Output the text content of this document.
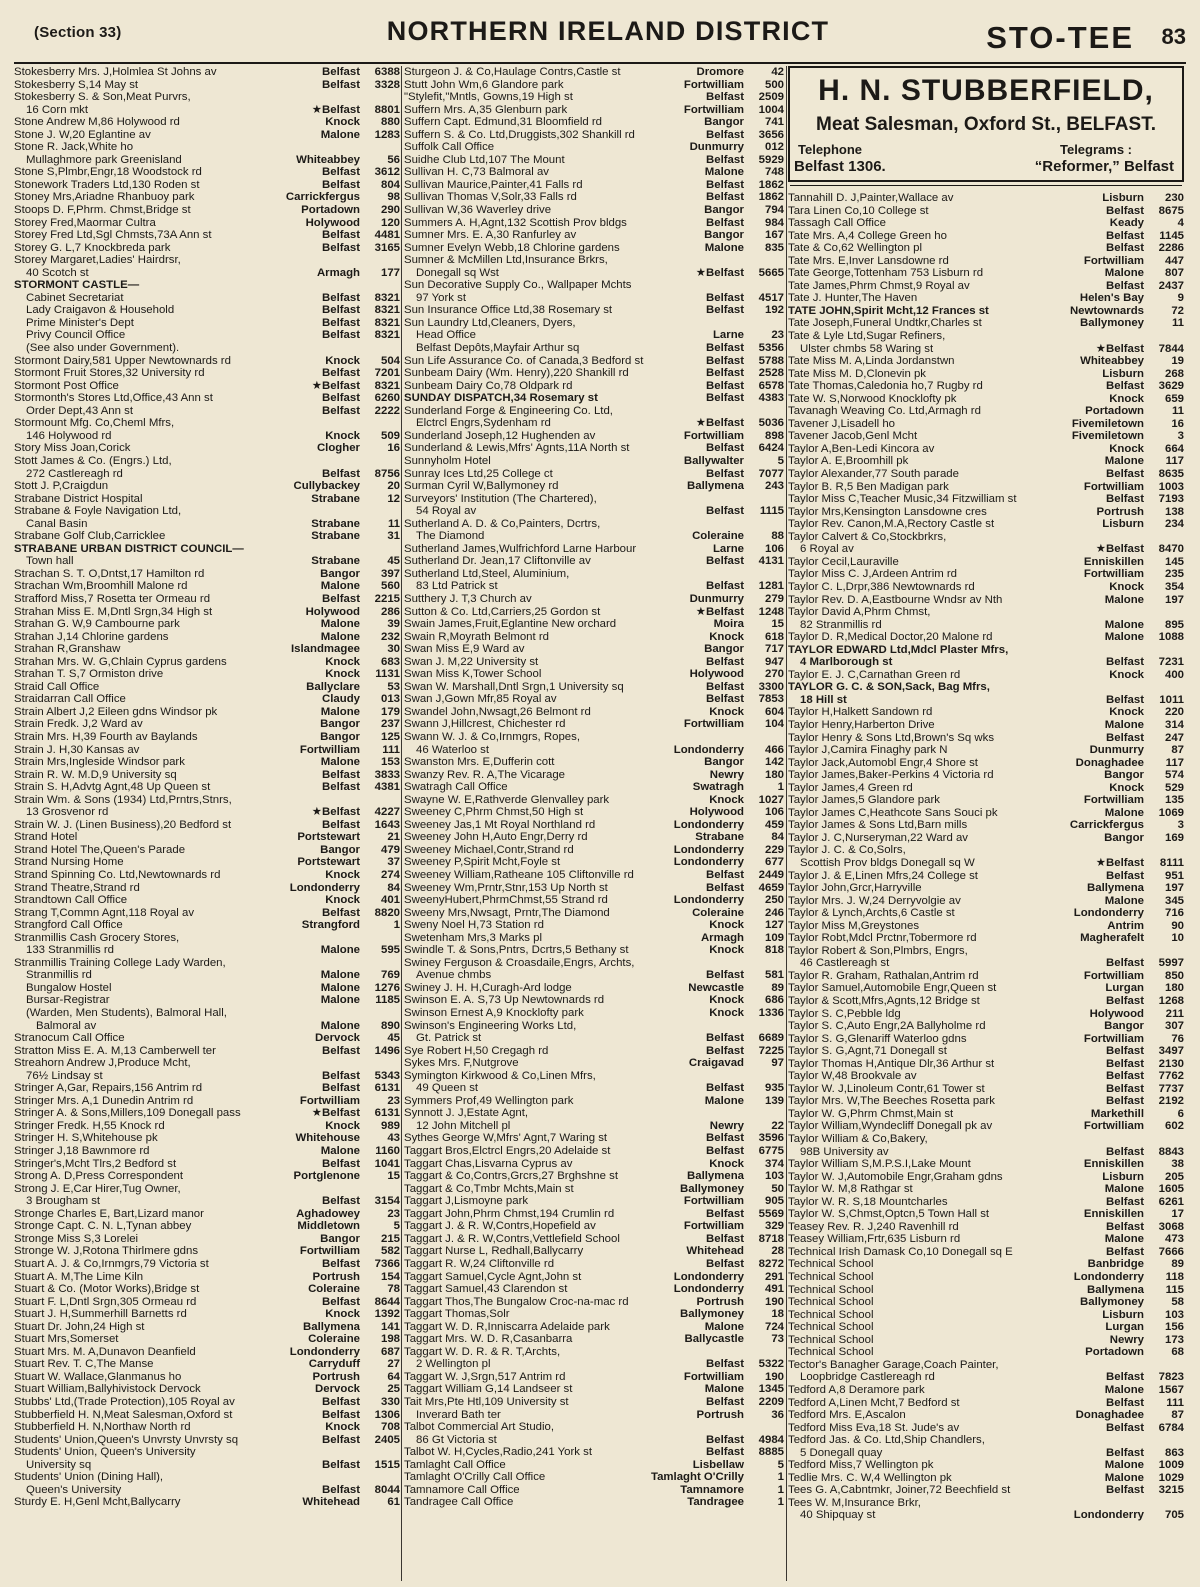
(Section 33)	NORTHERN IRELAND DISTRICT	STO-TEE 83
Stokesberry Mrs. J,Holmlea St Johns av	Belfast	6388
Stokesberry S,14 May st	Belfast	3328
Stokesberry S. & Son,Meat Purvrs,
16 Corn mkt	★Belfast	8801
Stone Andrew M,86 Holywood rd	Knock	880
Stone J. W,20 Eglantine av	Malone	1283
Stone R. Jack,White ho
Mullaghmore park Greenisland	Whiteabbey	56
Stone S,Plmbr,Engr,18 Woodstock rd	Belfast	3612
Stonework Traders Ltd,130 Roden st	Belfast	804
Stoney Mrs,Ariadne Rhanbuoy park	Carrickfergus	98
Stoops D. F,Phrm. Chmst,Bridge st	Portadown	290
Storey Fred,Maormar Cultra	Holywood	120
Storey Fred Ltd,Sgl Chmsts,73A Ann st	Belfast	4481
Storey G. L,7 Knockbreda park	Belfast	3165
Storey Margaret,Ladies' Hairdrsr,
40 Scotch st	Armagh	177
STORMONT CASTLE—
Cabinet Secretariat	Belfast	8321
Lady Craigavon & Household	Belfast	8321
Prime Minister's Dept	Belfast	8321
Privy Council Office	Belfast	8321
(See also under Government).
Stormont Dairy,581 Upper Newtownards rd	Knock	504
Stormont Fruit Stores,32 University rd	Belfast	7201
Stormont Post Office	★Belfast	8321
Stormonth's Stores Ltd,Office,43 Ann st	Belfast	6260
Order Dept,43 Ann st	Belfast	2222
Stormount Mfg. Co,Cheml Mfrs,
146 Holywood rd	Knock	509
Story Miss Joan,Corick	Clogher	16
Stott James & Co. (Engrs.) Ltd,
272 Castlereagh rd	Belfast	8756
Stott J. P,Craigdun	Cullybackey	20
Strabane District Hospital	Strabane	12
Strabane & Foyle Navigation Ltd,
Canal Basin	Strabane	11
Strabane Golf Club,Carricklee	Strabane	31
STRABANE URBAN DISTRICT COUNCIL—
Town hall	Strabane	45
Strachan S. T. O,Dntst,17 Hamilton rd	Bangor	397
Strachan Wm,Broomhill Malone rd	Malone	560
Strafford Miss,7 Rosetta ter Ormeau rd	Belfast	2215
Strahan Miss E. M,Dntl Srgn,34 High st	Holywood	286
Strahan G. W,9 Cambourne park	Malone	39
Strahan J,14 Chlorine gardens	Malone	232
Strahan R,Granshaw	Islandmagee	30
Strahan Mrs. W. G,Chlain Cyprus gardens	Knock	683
Strahan T. S,7 Ormiston drive	Knock	1131
Straid Call Office	Ballyclare	53
Straidarran Call Office	Claudy	013
Strain Albert J,2 Eileen gdns Windsor pk	Malone	179
Strain Fredk. J,2 Ward av	Bangor	237
Strain Mrs. H,39 Fourth av Baylands	Bangor	125
Strain J. H,30 Kansas av	Fortwilliam	111
Strain Mrs,Ingleside Windsor park	Malone	153
Strain R. W. M.D,9 University sq	Belfast	3833
Strain S. H,Advtg Agnt,48 Up Queen st	Belfast	4381
Strain Wm. & Sons (1934) Ltd,Prntrs,Stnrs,
13 Grosvenor rd	★Belfast	4227
Strain W. J. (Linen Business),20 Bedford st	Belfast	1643
Strand Hotel	Portstewart	21
Strand Hotel The,Queen's Parade	Bangor	479
Strand Nursing Home	Portstewart	37
Strand Spinning Co. Ltd,Newtownards rd	Knock	274
Strand Theatre,Strand rd	Londonderry	84
Strandtown Call Office	Knock	401
Strang T,Commn Agnt,118 Royal av	Belfast	8820
Strangford Call Office	Strangford	1
Stranmillis Cash Grocery Stores,
133 Stranmillis rd	Malone	595
Stranmillis Training College Lady Warden,
Stranmillis rd	Malone	769
Bungalow Hostel	Malone	1276
Bursar-Registrar	Malone	1185
(Warden, Men Students), Balmoral Hall,
Balmoral av	Malone	890
Stranocum Call Office	Dervock	45
Stratton Miss E. A. M,13 Camberwell ter	Belfast	1496
Streahorn Andrew J,Produce Mcht,
76½ Lindsay st	Belfast	5343
Stringer A,Gar, Repairs,156 Antrim rd	Belfast	6131
Stringer Mrs. A,1 Dunedin Antrim rd	Fortwilliam	23
Stringer A. & Sons,Millers,109 Donegall pass	★Belfast	6131
Stringer Fredk. H,55 Knock rd	Knock	989
Stringer H. S,Whitehouse pk	Whitehouse	43
Stringer J,18 Bawnmore rd	Malone	1160
Stringer's,Mcht Tlrs,2 Bedford st	Belfast	1041
Strong A. D,Press Correspondent	Portglenone	15
Strong J. E,Car Hirer,Tug Owner,
3 Brougham st	Belfast	3154
Stronge Charles E, Bart,Lizard manor	Aghadowey	23
Stronge Capt. C. N. L,Tynan abbey	Middletown	5
Stronge Miss S,3 Lorelei	Bangor	215
Stronge W. J,Rotona Thirlmere gdns	Fortwilliam	582
Stuart A. J. & Co,Irnmgrs,79 Victoria st	Belfast	7366
Stuart A. M,The Lime Kiln	Portrush	154
Stuart & Co. (Motor Works),Bridge st	Coleraine	78
Stuart F. L,Dntl Srgn,305 Ormeau rd	Belfast	8644
Stuart J. H,Summerhill Barnetts rd	Knock	1392
Stuart Dr. John,24 High st	Ballymena	141
Stuart Mrs,Somerset	Coleraine	198
Stuart Mrs. M. A,Dunavon Deanfield	Londonderry	687
Stuart Rev. T. C,The Manse	Carryduff	27
Stuart W. Wallace,Glanmanus ho	Portrush	64
Stuart William,Ballyhivistock Dervock	Dervock	25
Stubbs' Ltd,(Trade Protection),105 Royal av	Belfast	330
Stubberfield H. N,Meat Salesman,Oxford st	Belfast	1306
Stubberfield H. N,Northaw North rd	Knock	708
Students' Union,Queen's Unvrsty Unvrsty sq	Belfast	2405
Students' Union, Queen's University
University sq	Belfast	1515
Students' Union (Dining Hall),
Queen's University	Belfast	8044
Sturdy E. H,Genl Mcht,Ballycarry	Whitehead	61
Sturgeon J. & Co,Haulage Contrs,Castle st	Dromore	42
Stutt John Wm,6 Glandore park	Fortwilliam	500
"Stylefit,"Mntls, Gowns,19 High st	Belfast	2509
Suffern Mrs. A,35 Glenburn park	Fortwilliam	1004
Suffern Capt. Edmund,31 Bloomfield rd	Bangor	741
Suffern S. & Co. Ltd,Druggists,302 Shankill rd	Belfast	3656
Suffolk Call Office	Dunmurry	012
Suidhe Club Ltd,107 The Mount	Belfast	5929
Sullivan H. C,73 Balmoral av	Malone	748
Sullivan Maurice,Painter,41 Falls rd	Belfast	1862
Sullivan Thomas V,Solr,33 Falls rd	Belfast	1862
Sullivan W,36 Waverley drive	Bangor	794
Summers A. H,Agnt,132 Scottish Prov bldgs	Belfast	984
Sumner Mrs. E. A,30 Ranfurley av	Bangor	167
Sumner Evelyn Webb,18 Chlorine gardens	Malone	835
Sumner & McMillen Ltd,Insurance Brkrs,
Donegall sq Wst	★Belfast	5665
Sun Decorative Supply Co., Wallpaper Mchts
97 York st	Belfast	4517
Sun Insurance Office Ltd,38 Rosemary st	Belfast	192
Sun Laundry Ltd,Cleaners, Dyers,
Head Office	Larne	23
Belfast Depôts,Mayfair Arthur sq	Belfast	5356
Sun Life Assurance Co. of Canada,3 Bedford st	Belfast	5788
Sunbeam Dairy (Wm. Henry),220 Shankill rd	Belfast	2528
Sunbeam Dairy Co,78 Oldpark rd	Belfast	6578
SUNDAY DISPATCH,34 Rosemary st	Belfast	4383
Sunderland Forge & Engineering Co. Ltd,
Elctrcl Engrs,Sydenham rd	★Belfast	5036
Sunderland Joseph,12 Hughenden av	Fortwilliam	898
Sunderland & Lewis,Mfrs' Agnts,11A North st	Belfast	6424
Sunnyholm Hotel	Ballywalter	5
Sunray Ices Ltd,25 College ct	Belfast	7077
Surman Cyril W,Ballymoney rd	Ballymena	243
Surveyors' Institution (The Chartered),
54 Royal av	Belfast	1115
Sutherland A. D. & Co,Painters, Dcrtrs,
The Diamond	Coleraine	88
Sutherland James,Wulfrichford Larne Harbour	Larne	106
Sutherland Dr. Jean,17 Cliftonville av	Belfast	4131
Sutherland Ltd,Steel, Aluminium,
83 Ltd Patrick st	Belfast	1281
Sutthery J. T,3 Church av	Dunmurry	279
Sutton & Co. Ltd,Carriers,25 Gordon st	★Belfast	1248
Swain James,Fruit,Eglantine New orchard	Moira	15
Swain R,Moyrath Belmont rd	Knock	618
Swan Miss E,9 Ward av	Bangor	717
Swan J. M,22 University st	Belfast	947
Swan Miss K,Tower School	Holywood	270
Swan W. Marshall,Dntl Srgn,1 University sq	Belfast	3300
Swan J,Gown Mfr,85 Royal av	Belfast	7853
Swandel John,Nwsagt,26 Belmont rd	Knock	604
Swann J,Hillcrest, Chichester rd	Fortwilliam	104
Swann W. J. & Co,Irnmgrs, Ropes,
46 Waterloo st	Londonderry	466
Swanston Mrs. E,Dufferin cott	Bangor	142
Swanzy Rev. R. A,The Vicarage	Newry	180
Swatragh Call Office	Swatragh	1
Swayne W. E,Rathverde Glenvalley park	Knock	1027
Sweeney C,Phrm Chmst,50 High st	Holywood	106
Sweeney Jas,1 Mt Royal Northland rd	Londonderry	459
Sweeney John H,Auto Engr,Derry rd	Strabane	84
Sweeney Michael,Contr,Strand rd	Londonderry	229
Sweeney P,Spirit Mcht,Foyle st	Londonderry	677
Sweeney William,Ratheane 105 Cliftonville rd	Belfast	2449
Sweeney Wm,Prntr,Stnr,153 Up North st	Belfast	4659
SweenyHubert,PhrmChmst,55 Strand rd	Londonderry	250
Sweeny Mrs,Nwsagt, Prntr,The Diamond	Coleraine	246
Sweny Noel H,73 Station rd	Knock	127
Swetenham Mrs,3 Marks pl	Armagh	109
Swindle T. & Sons,Pntrs, Dcrtrs,5 Bethany st	Knock	818
Swiney Ferguson & Croasdaile,Engrs, Archts,
Avenue chmbs	Belfast	581
Swiney J. H. H,Curagh-Ard lodge	Newcastle	89
Swinson E. A. S,73 Up Newtownards rd	Knock	686
Swinson Ernest A,9 Knocklofty park	Knock	1336
Swinson's Engineering Works Ltd,
Gt. Patrick st	Belfast	6689
Sye Robert H,50 Cregagh rd	Belfast	7225
Sykes Mrs. F,Nutgrove	Craigavad	97
Symington Kirkwood & Co,Linen Mfrs,
49 Queen st	Belfast	935
Symmers Prof,49 Wellington park	Malone	139
Synnott J. J,Estate Agnt,
12 John Mitchell pl	Newry	22
Sythes George W,Mfrs' Agnt,7 Waring st	Belfast	3596
Taggart Bros,Elctrcl Engrs,20 Adelaide st	Belfast	6775
Taggart Chas,Lisvarna Cyprus av	Knock	374
Taggart & Co,Contrs,Grcrs,27 Brghshne st	Ballymena	103
Taggart & Co,Tmbr Mchts,Main st	Ballymoney	50
Taggart J,Lismoyne park	Fortwilliam	905
Taggart John,Phrm Chmst,194 Crumlin rd	Belfast	5569
Taggart J. & R. W,Contrs,Hopefield av	Fortwilliam	329
Taggart J. & R. W,Contrs,Vettlefield School	Belfast	8718
Taggart Nurse L, Redhall,Ballycarry	Whitehead	28
Taggart R. W,24 Cliftonville rd	Belfast	8272
Taggart Samuel,Cycle Agnt,John st	Londonderry	291
Taggart Samuel,43 Clarendon st	Londonderry	491
Taggart Thos,The Bungalow Croc-na-mac rd	Portrush	190
Taggart Thomas,Solr	Ballymoney	18
Taggart W. D. R,Inniscarra Adelaide park	Malone	724
Taggart Mrs. W. D. R,Casanbarra	Ballycastle	73
Taggart W. D. R. & R. T,Archts,
2 Wellington pl	Belfast	5322
Taggart W. J,Srgn,517 Antrim rd	Fortwilliam	190
Taggart William G,14 Landseer st	Malone	1345
Tait Mrs,Pte Htl,109 University st	Belfast	2209
Inverard Bath ter	Portrush	36
Talbot Commercial Art Studio,
86 Gt Victoria st	Belfast	4984
Talbot W. H,Cycles,Radio,241 York st	Belfast	8885
Tamlaght Call Office	Lisbellaw	5
Tamlaght O'Crilly Call Office	Tamlaght O'Crilly	1
Tamnamore Call Office	Tamnamore	1
Tandragee Call Office	Tandragee	1
H. N. STUBBERFIELD,
Meat Salesman, Oxford St., BELFAST.
Telephone
Belfast 1306.
Telegrams :
“Reformer,” Belfast
Tannahill D. J,Painter,Wallace av	Lisburn	230
Tara Linen Co,10 College st	Belfast	8675
Tassagh Call Office	Keady	4
Tate Mrs. A,4 College Green ho	Belfast	1145
Tate & Co,62 Wellington pl	Belfast	2286
Tate Mrs. E,Inver Lansdowne rd	Fortwilliam	447
Tate George,Tottenham 753 Lisburn rd	Malone	807
Tate James,Phrm Chmst,9 Royal av	Belfast	2437
Tate J. Hunter,The Haven	Helen's Bay	9
TATE JOHN,Spirit Mcht,12 Frances st	Newtownards	72
Tate Joseph,Funeral Undtkr,Charles st	Ballymoney	11
Tate & Lyle Ltd,Sugar Refiners,
Ulster chmbs 58 Waring st	★Belfast	7844
Tate Miss M. A,Linda Jordanstwn	Whiteabbey	19
Tate Miss M. D,Clonevin pk	Lisburn	268
Tate Thomas,Caledonia ho,7 Rugby rd	Belfast	3629
Tate W. S,Norwood Knocklofty pk	Knock	659
Tavanagh Weaving Co. Ltd,Armagh rd	Portadown	11
Tavener J,Lisadell ho	Fivemiletown	16
Tavener Jacob,Genl Mcht	Fivemiletown	3
Taylor A,Ben-Ledi Kincora av	Knock	664
Taylor A. E,Broomhill pk	Malone	117
Taylor Alexander,77 South parade	Belfast	8635
Taylor B. R,5 Ben Madigan park	Fortwilliam	1003
Taylor Miss C,Teacher Music,34 Fitzwilliam st	Belfast	7193
Taylor Mrs,Kensington Lansdowne cres	Portrush	138
Taylor Rev. Canon,M.A,Rectory Castle st	Lisburn	234
Taylor Calvert & Co,Stockbrkrs,
6 Royal av	★Belfast	8470
Taylor Cecil,Lauraville	Enniskillen	145
Taylor Miss C. J,Ardeen Antrim rd	Fortwilliam	235
Taylor C. L,Drpr,386 Newtownards rd	Knock	354
Taylor Rev. D. A,Eastbourne Wndsr av Nth	Malone	197
Taylor David A,Phrm Chmst,
82 Stranmillis rd	Malone	895
Taylor D. R,Medical Doctor,20 Malone rd	Malone	1088
TAYLOR EDWARD Ltd,Mdcl Plaster Mfrs,
4 Marlborough st	Belfast	7231
Taylor E. J. C,Carnathan Green rd	Knock	400
TAYLOR G. C. & SON,Sack, Bag Mfrs,
18 Hill st	Belfast	1011
Taylor H,Halkett Sandown rd	Knock	220
Taylor Henry,Harberton Drive	Malone	314
Taylor Henry & Sons Ltd,Brown's Sq wks	Belfast	247
Taylor J,Camira Finaghy park N	Dunmurry	87
Taylor Jack,Automobl Engr,4 Shore st	Donaghadee	117
Taylor James,Baker-Perkins 4 Victoria rd	Bangor	574
Taylor James,4 Green rd	Knock	529
Taylor James,5 Glandore park	Fortwilliam	135
Taylor James C,Heathcote Sans Souci pk	Malone	1069
Taylor James & Sons Ltd,Barn mills	Carrickfergus	3
Taylor J. C,Nurseryman,22 Ward av	Bangor	169
Taylor J. C. & Co,Solrs,
Scottish Prov bldgs Donegall sq W	★Belfast	8111
Taylor J. & E,Linen Mfrs,24 College st	Belfast	951
Taylor John,Grcr,Harryville	Ballymena	197
Taylor Mrs. J. W,24 Derryvolgie av	Malone	345
Taylor & Lynch,Archts,6 Castle st	Londonderry	716
Taylor Miss M,Greystones	Antrim	90
Taylor Robt,Mdcl Prctnr,Tobermore rd	Magherafelt	10
Taylor Robert & Son,Plmbrs, Engrs,
46 Castlereagh st	Belfast	5997
Taylor R. Graham, Rathalan,Antrim rd	Fortwilliam	850
Taylor Samuel,Automobile Engr,Queen st	Lurgan	180
Taylor & Scott,Mfrs,Agnts,12 Bridge st	Belfast	1268
Taylor S. C,Pebble ldg	Holywood	211
Taylor S. C,Auto Engr,2A Ballyholme rd	Bangor	307
Taylor S. G,Glenariff Waterloo gdns	Fortwilliam	76
Taylor S. G,Agnt,71 Donegall st	Belfast	3497
Taylor Thomas H,Antique Dlr,36 Arthur st	Belfast	2130
Taylor W,48 Brookvale av	Belfast	7762
Taylor W. J,Linoleum Contr,61 Tower st	Belfast	7737
Taylor Mrs. W,The Beeches Rosetta park	Belfast	2192
Taylor W. G,Phrm Chmst,Main st	Markethill	6
Taylor William,Wyndecliff Donegall pk av	Fortwilliam	602
Taylor William & Co,Bakery,
98B University av	Belfast	8843
Taylor William S,M.P.S.I,Lake Mount	Enniskillen	38
Taylor W. J,Automobile Engr,Graham gdns	Lisburn	205
Taylor W. M,8 Rathgar st	Malone	1605
Taylor W. R. S,18 Mountcharles	Belfast	6261
Taylor W. S,Chmst,Optcn,5 Town Hall st	Enniskillen	17
Teasey Rev. R. J,240 Ravenhill rd	Belfast	3068
Teasey William,Frtr,635 Lisburn rd	Malone	473
Technical Irish Damask Co,10 Donegall sq E	Belfast	7666
Technical School	Banbridge	89
Technical School	Londonderry	118
Technical School	Ballymena	115
Technical School	Ballymoney	58
Technical School	Lisburn	103
Technical School	Lurgan	156
Technical School	Newry	173
Technical School	Portadown	68
Tector's Banagher Garage,Coach Painter,
Loopbridge Castlereagh rd	Belfast	7823
Tedford A,8 Deramore park	Malone	1567
Tedford A,Linen Mcht,7 Bedford st	Belfast	111
Tedford Mrs. E,Ascalon	Donaghadee	87
Tedford Miss Eva,18 St. Jude's av	Belfast	6784
Tedford Jas. & Co. Ltd,Ship Chandlers,
5 Donegall quay	Belfast	863
Tedford Miss,7 Wellington pk	Malone	1009
Tedlie Mrs. C. W,4 Wellington pk	Malone	1029
Tees G. A,Cabntmkr, Joiner,72 Beechfield st	Belfast	3215
Tees W. M,Insurance Brkr,
40 Shipquay st	Londonderry	705
